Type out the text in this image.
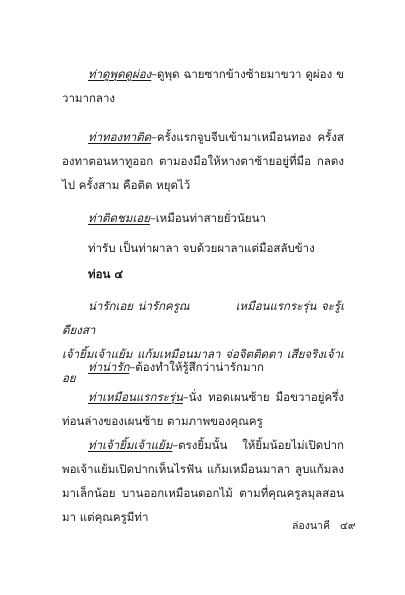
ท่าดูพุดดูผ่อง–ดูพุด ฉายซากข้างซ้ายมาขวา ดูผ่อง ขวามากลาง

ท่าทองทาติด–ครั้งแรกจูบจีบเข้ามาเหมือนทอง ครั้งสองทาตอนหาทูออก ตามองมือให้หางตาซ้ายอยู่ที่มือ กลดงไป ครั้งสาม คือติด หยุดไว้

ท่าติดชมเอย–เหมือนท่าสายยั่วนัยนา

ท่ารับ เป็นท่าผาลา จบด้วยผาลาแต่มือสลับข้าง

ท่อน ๔

น่ารักเอย น่ารักครูณ	เหมือนแรกระรุ่น จะรู้เดียงสา
เจ้ายิ้มเจ้าแย้ม แก้มเหมือนมาลา จ่อจิตติดตา เสียจริงเจ้าเอย

ท่าน่ารัก–ต้องทำให้รู้สึกว่าน่ารักมาก

ท่าเหมือนแรกระรุ่น–นั่ง ทอดเผนซ้าย มือขวาอยู่ครึ่งท่อนล่างของเผนซ้าย ตามภาพของคุณครู

ท่าเจ้ายิ้มเจ้าแย้ม–ตรงยิ้มนั้น ให้ยิ้มน้อยไม่เปิดปาก พอเจ้าแย้มเปิดปากเห็นไรฟัน แก้มเหมือนมาลา ลูบแก้มลงมาเล็กน้อย บานออกเหมือนดอกไม้ ตามที่คุณครูลมุลสอนมา แต่คุณครูมีท่า

ล่องนาคี ๔๙
